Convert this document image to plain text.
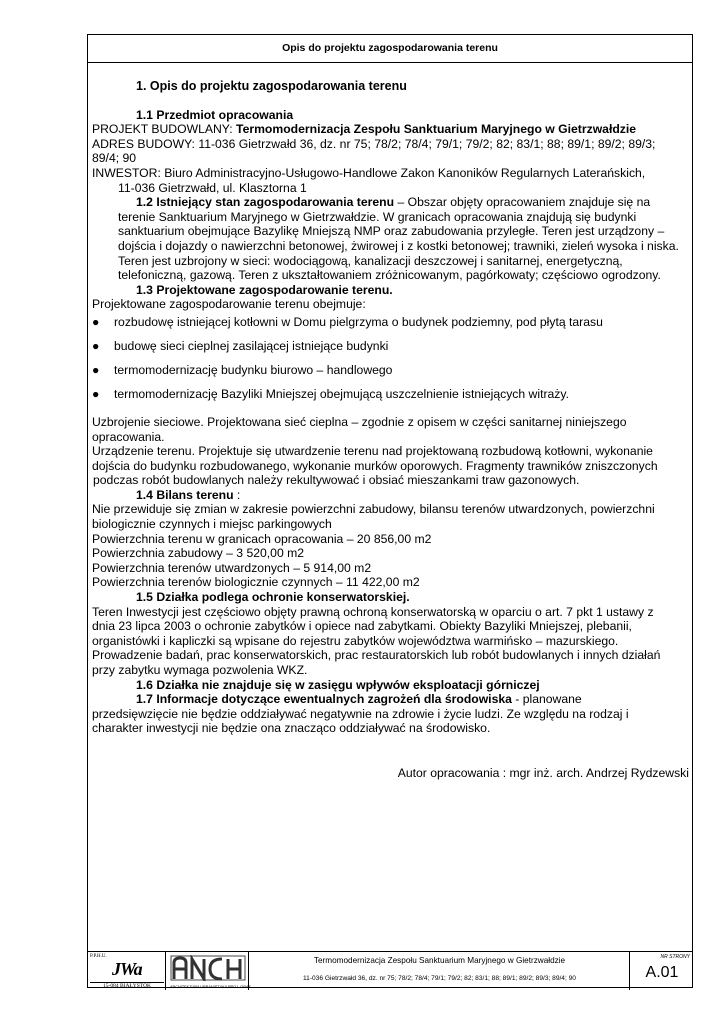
Opis do projektu zagospodarowania terenu
1. Opis do projektu zagospodarowania terenu
1.1 Przedmiot opracowania
PROJEKT BUDOWLANY: Termomodernizacja Zespołu Sanktuarium Maryjnego w Gietrzwałdzie
ADRES BUDOWY: 11-036 Gietrzwałd 36, dz. nr 75; 78/2; 78/4; 79/1; 79/2; 82; 83/1; 88; 89/1; 89/2; 89/3;
89/4; 90
INWESTOR: Biuro Administracyjno-Usługowo-Handlowe Zakon Kanoników Regularnych Laterańskich,
11-036 Gietrzwałd, ul. Klasztorna 1
1.2 Istniejący stan zagospodarowania terenu – Obszar objęty opracowaniem znajduje się na
terenie Sanktuarium Maryjnego w Gietrzwałdzie. W granicach opracowania znajdują się budynki
sanktuarium obejmujące Bazylikę Mniejszą NMP oraz zabudowania przyległe. Teren jest urządzony –
dojścia i dojazdy o nawierzchni betonowej, żwirowej i z kostki betonowej; trawniki, zieleń wysoka i niska.
Teren jest uzbrojony w sieci: wodociągową, kanalizacji deszczowej i sanitarnej, energetyczną,
telefoniczną, gazową. Teren z ukształtowaniem zróżnicowanym, pagórkowaty; częściowo ogrodzony.
1.3 Projektowane zagospodarowanie terenu.
Projektowane zagospodarowanie terenu obejmuje:
● rozbudowę istniejącej kotłowni w Domu pielgrzyma o budynek podziemny, pod płytą tarasu
● budowę sieci cieplnej zasilającej istniejące budynki
● termomodernizację budynku biurowo – handlowego
● termomodernizację Bazyliki Mniejszej obejmującą uszczelnienie istniejących witraży.
Uzbrojenie sieciowe. Projektowana sieć cieplna – zgodnie z opisem w części sanitarnej niniejszego
opracowania.
Urządzenie terenu. Projektuje się utwardzenie terenu nad projektowaną rozbudową kotłowni, wykonanie
dojścia do budynku rozbudowanego, wykonanie murków oporowych. Fragmenty trawników zniszczonych
podczas robót budowlanych należy rekultywować i obsiać mieszankami traw gazonowych.
1.4 Bilans terenu :
Nie przewiduje się zmian w zakresie powierzchni zabudowy, bilansu terenów utwardzonych, powierzchni
biologicznie czynnych i miejsc parkingowych
Powierzchnia terenu w granicach opracowania – 20 856,00 m2
Powierzchnia zabudowy – 3 520,00 m2
Powierzchnia terenów utwardzonych – 5 914,00 m2
Powierzchnia terenów biologicznie czynnych – 11 422,00 m2
1.5 Działka podlega ochronie konserwatorskiej.
Teren Inwestycji jest częściowo objęty prawną ochroną konserwatorską w oparciu o art. 7 pkt 1 ustawy z
dnia 23 lipca 2003 o ochronie zabytków i opiece nad zabytkami. Obiekty Bazyliki Mniejszej, plebanii,
organistówki i kapliczki są wpisane do rejestru zabytków województwa warmińsko – mazurskiego.
Prowadzenie badań, prac konserwatorskich, prac restauratorskich lub robót budowlanych i innych działań
przy zabytku wymaga pozwolenia WKZ.
1.6 Działka nie znajduje się w zasięgu wpływów eksploatacji górniczej
1.7 Informacje dotyczące ewentualnych zagrożeń dla środowiska - planowane
przedsięwzięcie nie będzie oddziaływać negatywnie na zdrowie i życie ludzi. Ze względu na rodzaj i
charakter inwestycji nie będzie ona znacząco oddziaływać na środowisko.
Autor opracowania : mgr inż. arch. Andrzej Rydzewski
P.P.H.U.
JWa
15-084 BIAŁYSTOK	ARCHITEKTURA URBANISTYKA PROJ. GRAF.
Termomodernizacja Zespołu Sanktuarium Maryjnego w Gietrzwałdzie
11-036 Gietrzwałd 36, dz. nr 75; 78/2; 78/4; 79/1; 79/2; 82; 83/1; 88; 89/1; 89/2; 89/3; 89/4; 90
NR STRONY
A.01
